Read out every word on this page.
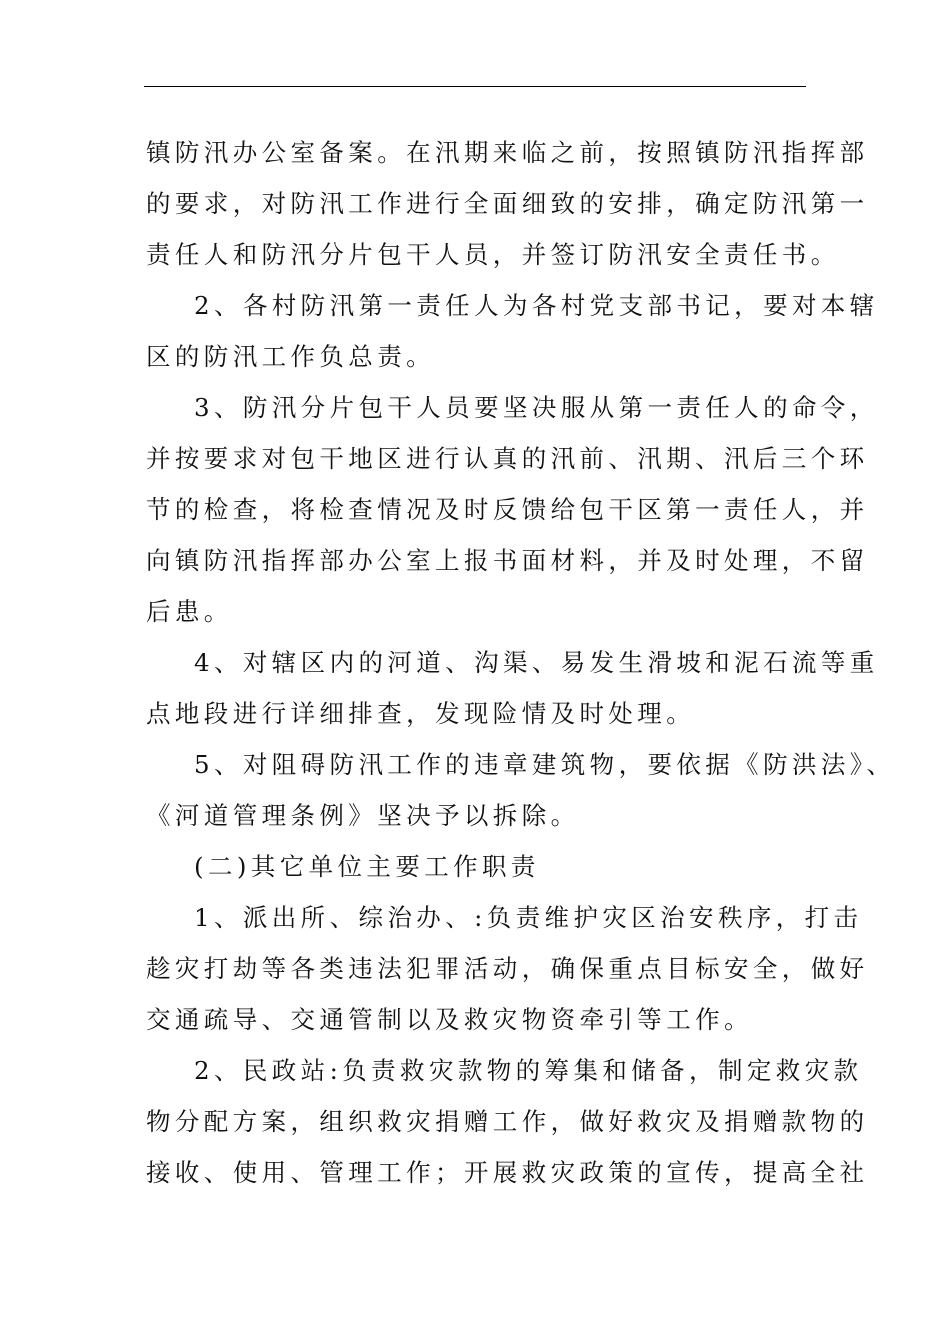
镇防汛办公室备案。在汛期来临之前，按照镇防汛指挥部
的要求，对防汛工作进行全面细致的安排，确定防汛第一
责任人和防汛分片包干人员，并签订防汛安全责任书。
2、各村防汛第一责任人为各村党支部书记，要对本辖
区的防汛工作负总责。
3、防汛分片包干人员要坚决服从第一责任人的命令，
并按要求对包干地区进行认真的汛前、汛期、汛后三个环
节的检查，将检查情况及时反馈给包干区第一责任人，并
向镇防汛指挥部办公室上报书面材料，并及时处理，不留
后患。
4、对辖区内的河道、沟渠、易发生滑坡和泥石流等重
点地段进行详细排查，发现险情及时处理。
5、对阻碍防汛工作的违章建筑物，要依据《防洪法》、
《河道管理条例》坚决予以拆除。
(二)其它单位主要工作职责
1、派出所、综治办、:负责维护灾区治安秩序，打击
趁灾打劫等各类违法犯罪活动，确保重点目标安全，做好
交通疏导、交通管制以及救灾物资牵引等工作。
2、民政站:负责救灾款物的筹集和储备，制定救灾款
物分配方案，组织救灾捐赠工作，做好救灾及捐赠款物的
接收、使用、管理工作；开展救灾政策的宣传，提高全社
